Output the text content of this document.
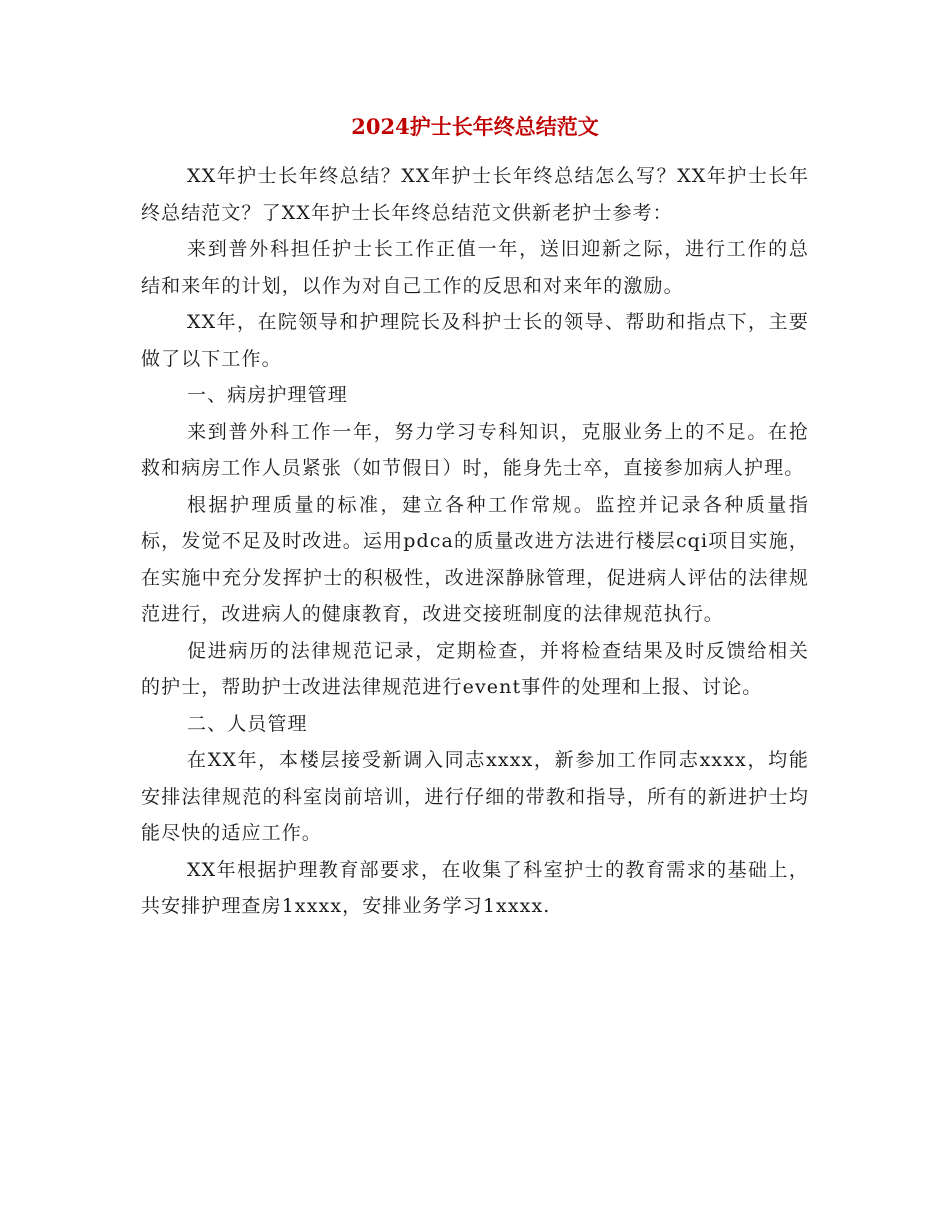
2024护士长年终总结范文

XX年护士长年终总结？XX年护士长年终总结怎么写？XX年护士长年终总结范文？了XX年护士长年终总结范文供新老护士参考：

来到普外科担任护士长工作正值一年，送旧迎新之际，进行工作的总结和来年的计划，以作为对自己工作的反思和对来年的激励。

XX年，在院领导和护理院长及科护士长的领导、帮助和指点下，主要做了以下工作。

一、病房护理管理

来到普外科工作一年，努力学习专科知识，克服业务上的不足。在抢救和病房工作人员紧张（如节假日）时，能身先士卒，直接参加病人护理。

根据护理质量的标准，建立各种工作常规。监控并记录各种质量指标，发觉不足及时改进。运用pdca的质量改进方法进行楼层cqi项目实施，在实施中充分发挥护士的积极性，改进深静脉管理，促进病人评估的法律规范进行，改进病人的健康教育，改进交接班制度的法律规范执行。

促进病历的法律规范记录，定期检查，并将检查结果及时反馈给相关的护士，帮助护士改进法律规范进行event事件的处理和上报、讨论。

二、人员管理

在XX年，本楼层接受新调入同志xxxx，新参加工作同志xxxx，均能安排法律规范的科室岗前培训，进行仔细的带教和指导，所有的新进护士均能尽快的适应工作。

XX年根据护理教育部要求，在收集了科室护士的教育需求的基础上，共安排护理查房1xxxx，安排业务学习1xxxx.
